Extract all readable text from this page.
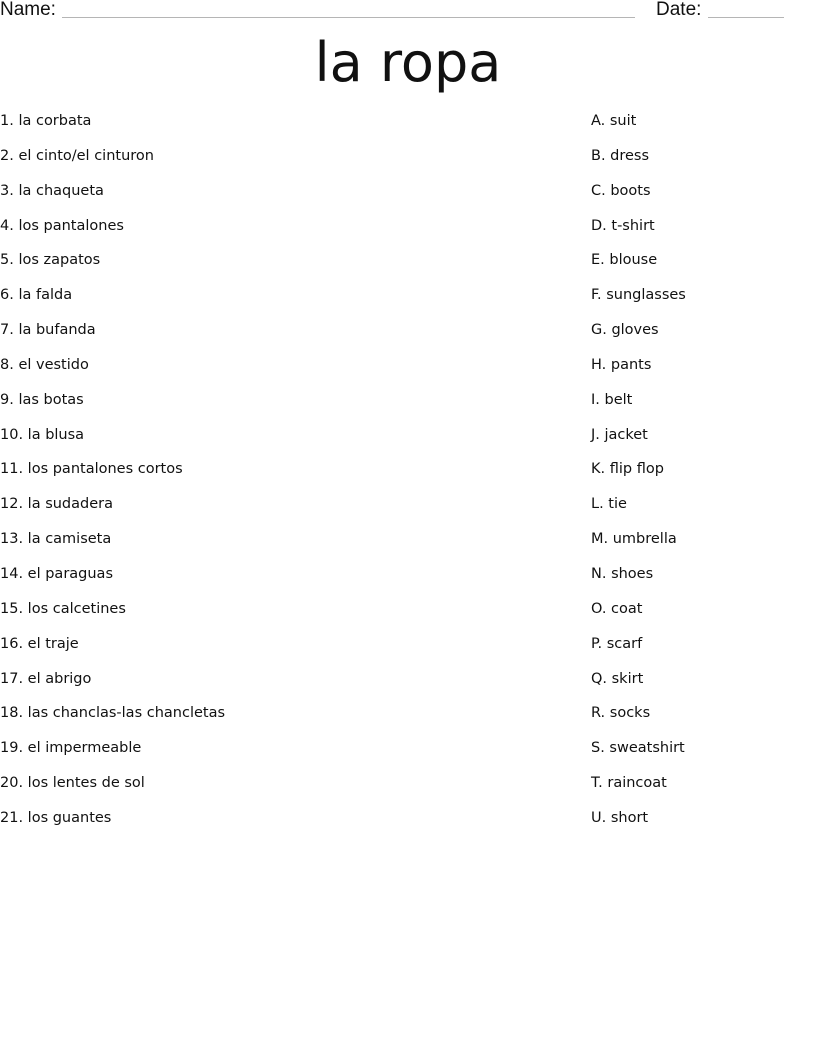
Name:	Date:
la ropa
1. la corbata
2. el cinto/el cinturon
3. la chaqueta
4. los pantalones
5. los zapatos
6. la falda
7. la bufanda
8. el vestido
9. las botas
10. la blusa
11. los pantalones cortos
12. la sudadera
13. la camiseta
14. el paraguas
15. los calcetines
16. el traje
17. el abrigo
18. las chanclas-las chancletas
19. el impermeable
20. los lentes de sol
21. los guantes
A. suit
B. dress
C. boots
D. t-shirt
E. blouse
F. sunglasses
G. gloves
H. pants
I. belt
J. jacket
K. flip flop
L. tie
M. umbrella
N. shoes
O. coat
P. scarf
Q. skirt
R. socks
S. sweatshirt
T. raincoat
U. short
